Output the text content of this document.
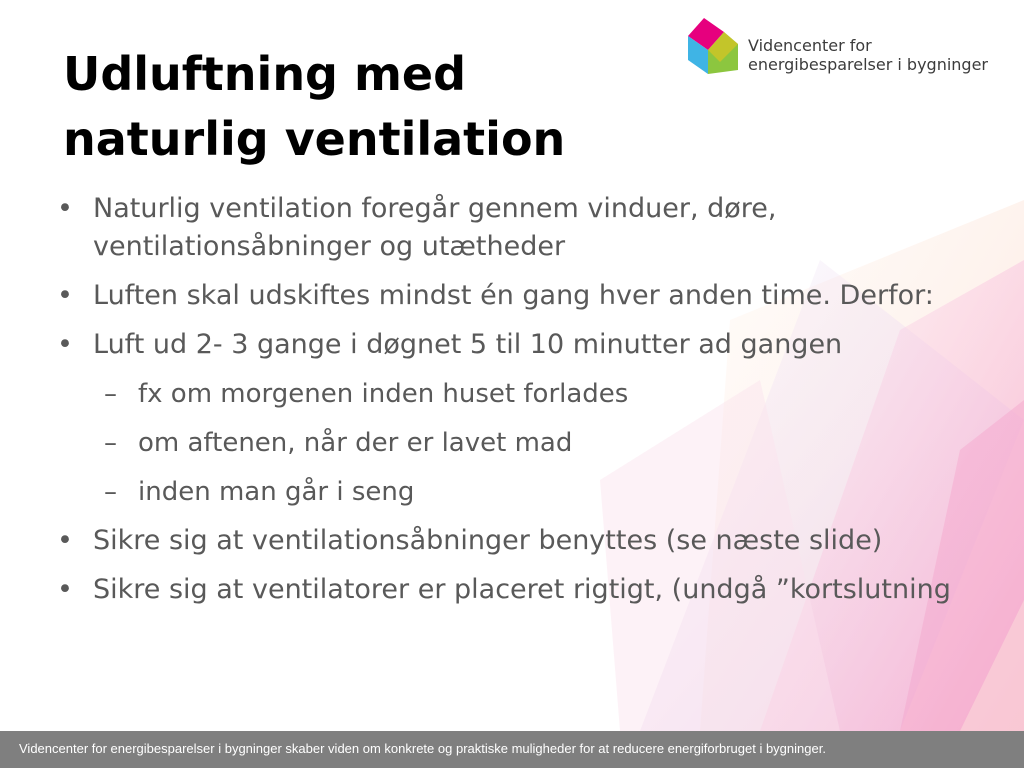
Videncenter for
energibesparelser i bygninger
Udluftning med
naturlig ventilation
• Naturlig ventilation foregår gennem vinduer, døre, ventilationsåbninger og utætheder
• Luften skal udskiftes mindst én gang hver anden time. Derfor:
• Luft ud 2- 3 gange i døgnet 5 til 10 minutter ad gangen
– fx om morgenen inden huset forlades
– om aftenen, når der er lavet mad
– inden man går i seng
• Sikre sig at ventilationsåbninger benyttes (se næste slide)
• Sikre sig at ventilatorer er placeret rigtigt, (undgå ”kortslutning
Videncenter for energibesparelser i bygninger skaber viden om konkrete og praktiske muligheder for at reducere energiforbruget i bygninger.
